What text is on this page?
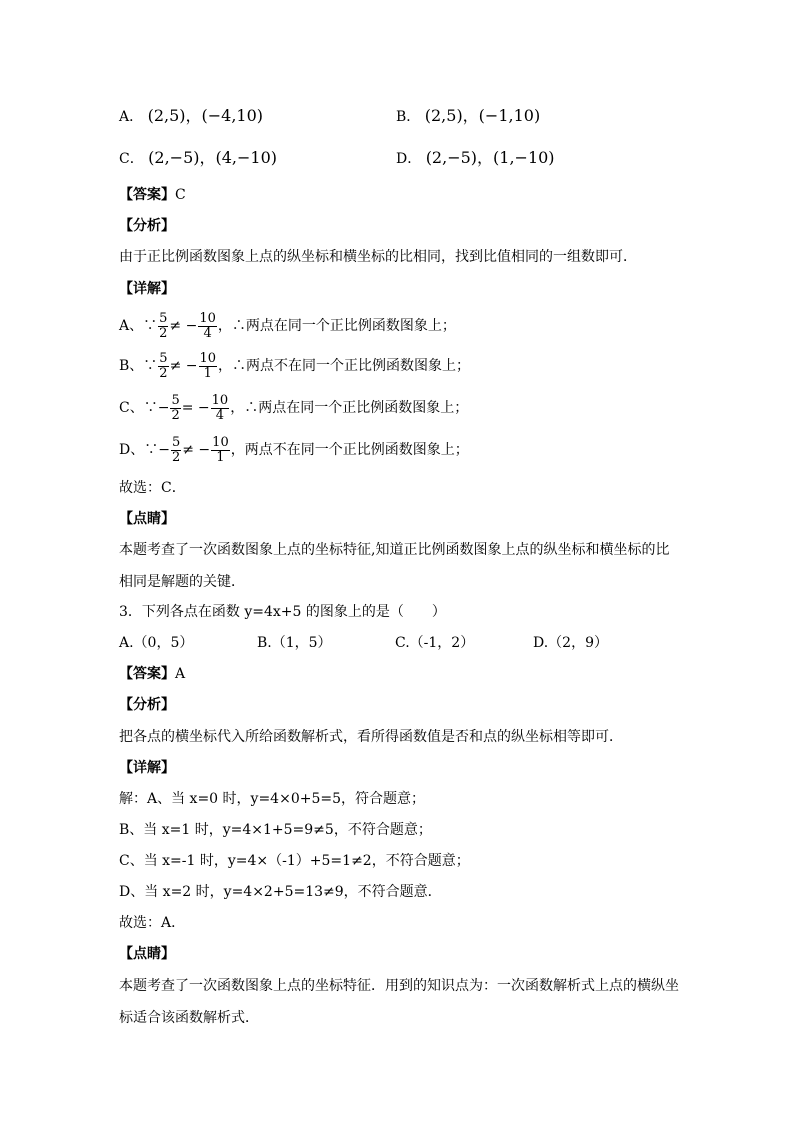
A． (2,5)，(−4,10)	B． (2,5)，(−1,10)
C． (2,−5)，(4,−10)	D． (2,−5)，(1,−10)
【答案】C
【分析】
由于正比例函数图象上点的纵坐标和横坐标的比相同，找到比值相同的一组数即可．
【详解】
A、∵ $\frac{5}{2}$ ≠ − $\frac{10}{4}$ ，∴两点在同一个正比例函数图象上；
B、∵ $\frac{5}{2}$ ≠ − $\frac{10}{1}$ ，∴两点不在同一个正比例函数图象上；
C、∵− $\frac{5}{2}$ = − $\frac{10}{4}$ ，∴两点在同一个正比例函数图象上；
D、∵− $\frac{5}{2}$ ≠ − $\frac{10}{1}$ ，两点不在同一个正比例函数图象上；
故选：C．
【点睛】
本题考查了一次函数图象上点的坐标特征,知道正比例函数图象上点的纵坐标和横坐标的比
相同是解题的关键．
3．下列各点在函数 y=4x+5 的图象上的是（　　）
A.（0，5）	B.（1，5）	C.（-1，2）	D.（2，9）
【答案】A
【分析】
把各点的横坐标代入所给函数解析式，看所得函数值是否和点的纵坐标相等即可．
【详解】
解：A、当 x=0 时，y=4×0+5=5，符合题意；
B、当 x=1 时，y=4×1+5=9≠5，不符合题意；
C、当 x=-1 时，y=4×（-1）+5=1≠2，不符合题意；
D、当 x=2 时，y=4×2+5=13≠9，不符合题意．
故选：A．
【点睛】
本题考查了一次函数图象上点的坐标特征．用到的知识点为：一次函数解析式上点的横纵坐
标适合该函数解析式．
